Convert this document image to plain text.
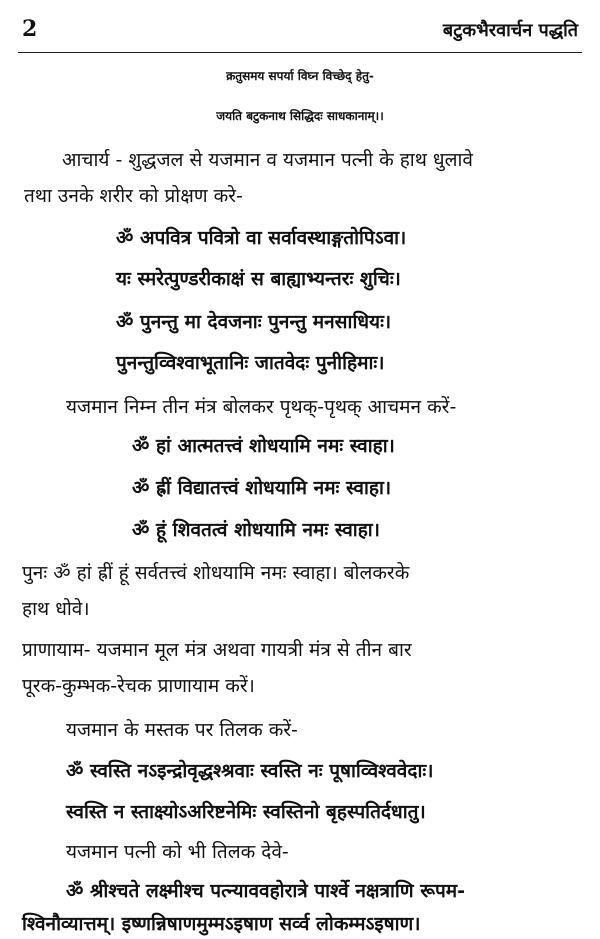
2	बटुकभैरवार्चन पद्धति
क्रतुसमय सपर्या विघ्न विच्छेद् हेतु-
जयति बटुकनाथ सिद्धिदः साधकानाम्।।
आचार्य - शुद्धजल से यजमान व यजमान पत्नी के हाथ धुलावे
तथा उनके शरीर को प्रोक्षण करे-
ॐ अपवित्र पवित्रो वा सर्वावस्थाङ्गतोपिऽवा।
यः स्मरेत्पुण्डरीकाक्षं स बाह्याभ्यन्तरः शुचिः।
ॐ पुनन्तु मा देवजनाः पुनन्तु मनसाधियः।
पुनन्तुव्विश्वाभूतानिः जातवेदः पुनीहिमाः।
यजमान निम्न तीन मंत्र बोलकर पृथक्-पृथक् आचमन करें-
ॐ हां आत्मतत्त्वं शोधयामि नमः स्वाहा।
ॐ ह्रीं विद्यातत्त्वं शोधयामि नमः स्वाहा।
ॐ हूं शिवतत्वं शोधयामि नमः स्वाहा।
पुनः ॐ हां ह्रीं हूं सर्वतत्त्वं शोधयामि नमः स्वाहा। बोलकरके
हाथ धोवे।
प्राणायाम- यजमान मूल मंत्र अथवा गायत्री मंत्र से तीन बार
पूरक-कुम्भक-रेचक प्राणायाम करें।
यजमान के मस्तक पर तिलक करें-
ॐ स्वस्ति नऽइन्द्रोवृद्धश्श्रवाः स्वस्ति नः पूषाव्विश्ववेदाः।
स्वस्ति न स्ताक्ष्योऽअरिष्टनेमिः स्वस्तिनो बृहस्पतिर्दधातु।
यजमान पत्नी को भी तिलक देवे-
ॐ श्रीश्चते लक्ष्मीश्च पत्न्याववहोरात्रे पार्श्वे नक्षत्राणि रूपम-
श्विनौव्यात्तम्। इष्णन्निषाणमुम्मऽइषाण सर्व्व लोकम्मऽइषाण।
